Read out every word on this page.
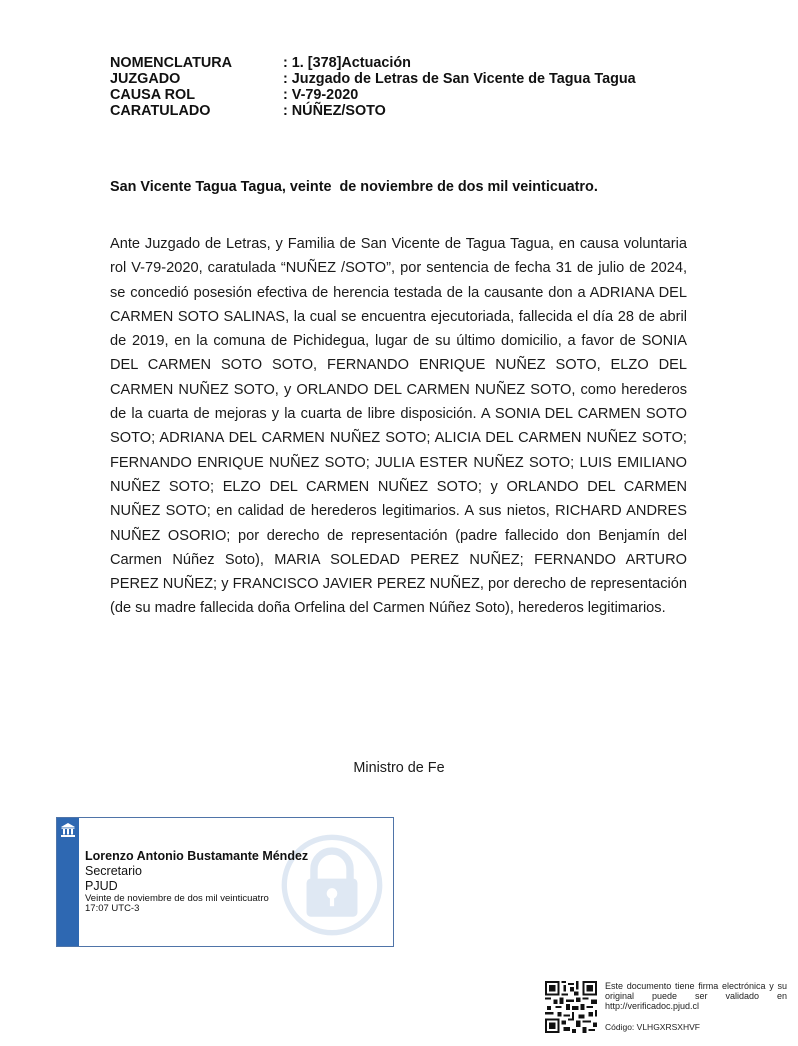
NOMENCLATURA	: 1. [378]Actuación
JUZGADO	: Juzgado de Letras de San Vicente de Tagua Tagua
CAUSA ROL	: V-79-2020
CARATULADO	: NÚÑEZ/SOTO
San Vicente Tagua Tagua, veinte  de noviembre de dos mil veinticuatro.
Ante Juzgado de Letras, y Familia de San Vicente de Tagua Tagua, en causa voluntaria rol V-79-2020, caratulada “NUÑEZ /SOTO”, por sentencia de fecha 31 de julio de 2024, se concedió posesión efectiva de herencia testada de la causante don a ADRIANA DEL CARMEN SOTO SALINAS, la cual se encuentra ejecutoriada, fallecida el día 28 de abril de 2019, en la comuna de Pichidegua, lugar de su último domicilio, a favor de SONIA DEL CARMEN SOTO SOTO, FERNANDO ENRIQUE NUÑEZ SOTO, ELZO DEL CARMEN NUÑEZ SOTO, y ORLANDO DEL CARMEN NUÑEZ SOTO, como herederos de la cuarta de mejoras y la cuarta de libre disposición. A SONIA DEL CARMEN SOTO SOTO; ADRIANA DEL CARMEN NUÑEZ SOTO; ALICIA DEL CARMEN NUÑEZ SOTO; FERNANDO ENRIQUE NUÑEZ SOTO; JULIA ESTER NUÑEZ SOTO; LUIS EMILIANO NUÑEZ SOTO; ELZO DEL CARMEN NUÑEZ SOTO; y ORLANDO DEL CARMEN NUÑEZ SOTO; en calidad de herederos legitimarios. A sus nietos, RICHARD ANDRES NUÑEZ OSORIO; por derecho de representación (padre fallecido don Benjamín del Carmen Núñez Soto), MARIA SOLEDAD PEREZ NUÑEZ; FERNANDO ARTURO PEREZ NUÑEZ; y FRANCISCO JAVIER PEREZ NUÑEZ, por derecho de representación (de su madre fallecida doña Orfelina del Carmen Núñez Soto), herederos legitimarios.
Ministro de Fe
Lorenzo Antonio Bustamante Méndez
Secretario
PJUD
Veinte de noviembre de dos mil veinticuatro
17:07 UTC-3
Este documento tiene firma electrónica y su original puede ser validado en http://verificadoc.pjud.cl
Código: VLHGXRSXHVF
